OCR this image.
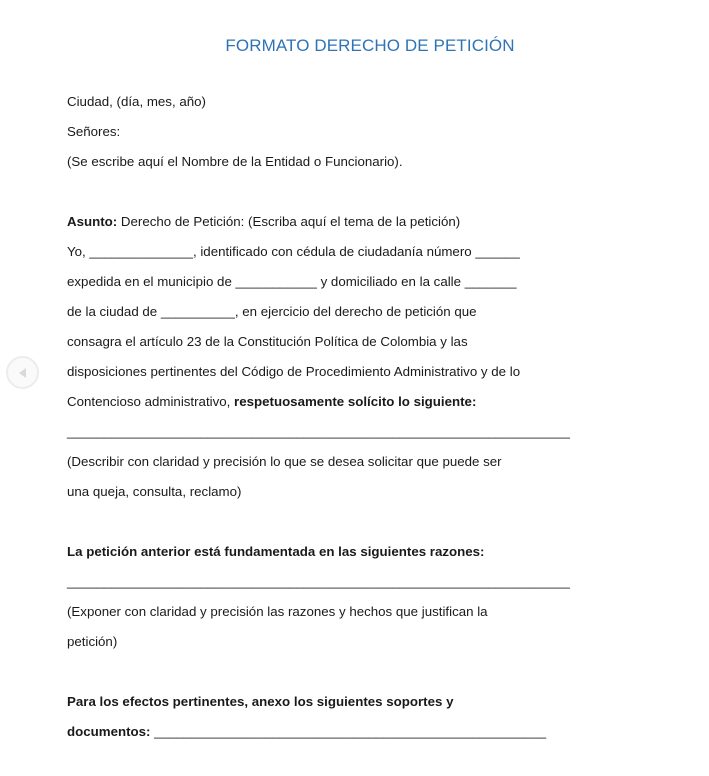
FORMATO DERECHO DE PETICIÓN
Ciudad, (día, mes, año)
Señores:
(Se escribe aquí el Nombre de la Entidad o Funcionario).
Asunto: Derecho de Petición: (Escriba aquí el tema de la petición)
Yo, ______________, identificado con cédula de ciudadanía número ______
expedida en el municipio de ___________ y domiciliado en la calle _______
de la ciudad de __________, en ejercicio del derecho de petición que
consagra el artículo 23 de la Constitución Política de Colombia y las
disposiciones pertinentes del Código de Procedimiento Administrativo y de lo
Contencioso administrativo, respetuosamente solícito lo siguiente:
____________________________________________________________________
(Describir con claridad y precisión lo que se desea solicitar que puede ser
una queja, consulta, reclamo)
La petición anterior está fundamentada en las siguientes razones:
____________________________________________________________________
(Exponer con claridad y precisión las razones y hechos que justifican la
petición)
Para los efectos pertinentes, anexo los siguientes soportes y
documentos: _____________________________________________________
